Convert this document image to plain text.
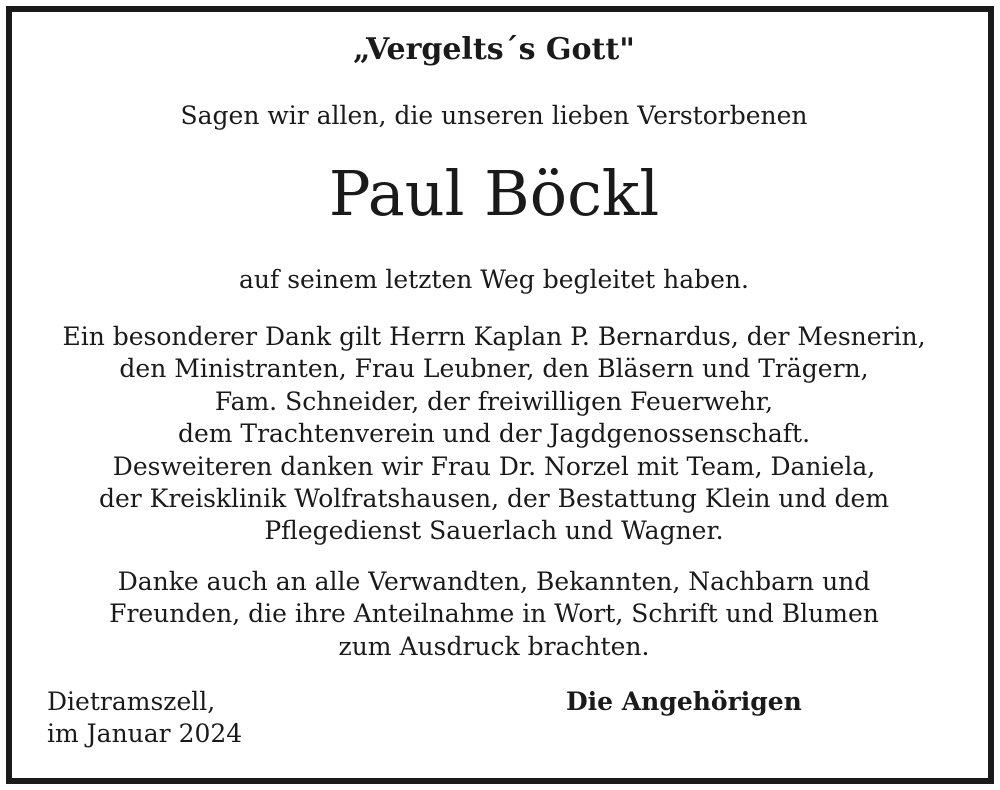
„Vergelts´s Gott"
Sagen wir allen, die unseren lieben Verstorbenen
Paul Böckl
auf seinem letzten Weg begleitet haben.
Ein besonderer Dank gilt Herrn Kaplan P. Bernardus, der Mesnerin,
den Ministranten, Frau Leubner, den Bläsern und Trägern,
Fam. Schneider, der freiwilligen Feuerwehr,
dem Trachtenverein und der Jagdgenossenschaft.
Desweiteren danken wir Frau Dr. Norzel mit Team, Daniela,
der Kreisklinik Wolfratshausen, der Bestattung Klein und dem
Pflegedienst Sauerlach und Wagner.
Danke auch an alle Verwandten, Bekannten, Nachbarn und
Freunden, die ihre Anteilnahme in Wort, Schrift und Blumen
zum Ausdruck brachten.
Dietramszell,
im Januar 2024
Die Angehörigen
